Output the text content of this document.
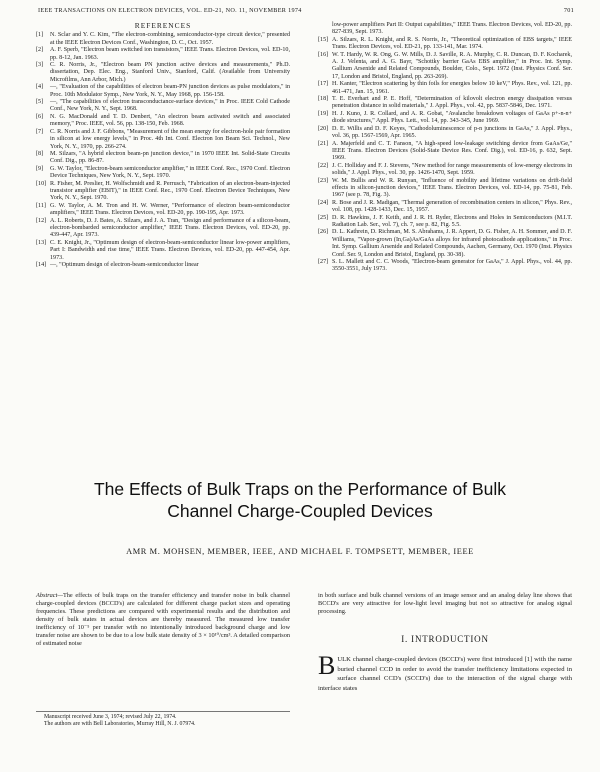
IEEE TRANSACTIONS ON ELECTRON DEVICES, VOL. ED-21, NO. 11, NOVEMBER 1974	701
REFERENCES
[1]	N. Sclar and Y. C. Kim, "The electron-combining, semiconductor-type circuit device," presented at the IEEE Electron Devices Conf., Washington, D. C., Oct. 1957.
[2]	A. F. Sperb, "Electron beam switched ion transistors," IEEE Trans. Electron Devices, vol. ED-10, pp. 8-12, Jan. 1963.
[3]	C. R. Norris, Jr., "Electron beam PN junction active devices and measurements," Ph.D. dissertation, Dep. Elec. Eng., Stanford Univ., Stanford, Calif. (Available from University Microfilms, Ann Arbor, Mich.)
[4]	—, "Evaluation of the capabilities of electron beam-PN junction devices as pulse modulators," in Proc. 10th Modulator Symp., New York, N. Y., May 1968, pp. 156-158.
[5]	—, "The capabilities of electron transconductance-surface devices," in Proc. IEEE Cold Cathode Conf., New York, N. Y., Sept. 1968.
[6]	N. G. MacDonald and T. D. Denbert, "An electron beam activated switch and associated memory," Proc. IEEE, vol. 56, pp. 138-150, Feb. 1968.
[7]	C. R. Norris and J. F. Gibbons, "Measurement of the mean energy for electron-hole pair formation in silicon at low energy levels," in Proc. 4th Int. Conf. Electron Ion Beam Sci. Technol., New York, N. Y., 1970, pp. 266-274.
[8]	M. Silzars, "A hybrid electron beam-pn junction device," in 1970 IEEE Int. Solid-State Circuits Conf. Dig., pp. 86-87.
[9]	G. W. Taylor, "Electron-beam semiconductor amplifier," in IEEE Conf. Rec., 1970 Conf. Electron Device Techniques, New York, N. Y., Sept. 1970.
[10] R. Fisher, M. Preslier, H. Wolfschmidt and R. Perrusch, "Fabrication of an electron-beam-injected transistor amplifier (EBIT)," in IEEE Conf. Rec., 1970 Conf. Electron Device Techniques, New York, N. Y., Sept. 1970.
[11] G. W. Taylor, A. M. Tron and H. W. Werner, "Performance of electron beam-semiconductor amplifiers," IEEE Trans. Electron Devices, vol. ED-20, pp. 190-195, Apr. 1973.
[12] A. L. Roberts, D. J. Bates, A. Silzars, and J. A. Tran, "Design and performance of a silicon-beam, electron-bombarded semiconductor amplifier," IEEE Trans. Electron Devices, vol. ED-20, pp. 439-447, Apr. 1973.
[13] C. E. Knight, Jr., "Optimum design of electron-beam-semiconductor linear low-power amplifiers, Part I: Bandwidth and rise time," IEEE Trans. Electron Devices, vol. ED-20, pp. 447-454, Apr. 1973.
[14] —, "Optimum design of electron-beam-semiconductor linear
low-power amplifiers Part II: Output capabilities," IEEE Trans. Electron Devices, vol. ED-20, pp. 827-839, Sept. 1973.
[15] A. Silzars, R. L. Knight, and R. S. Norris, Jr., "Theoretical optimization of EBS targets," IEEE Trans. Electron Devices, vol. ED-21, pp. 133-141, Mar. 1974.
[16] W. T. Hardy, W. R. Ong, G. W. Mills, D. J. Saville, R. A. Murphy, C. R. Duncan, D. F. Kocharek, A. J. Velenta, and A. G. Bayr, "Schottky barrier GaAs EBS amplifier," in Proc. Int. Symp. Gallium Arsenide and Related Compounds, Boulder, Colo., Sept. 1972 (Inst. Physics Conf. Ser. 17, London and Bristol, England, pp. 263-269).
[17] H. Kanter, "Electron scattering by thin foils for energies below 10 keV," Phys. Rev., vol. 121, pp. 461-471, Jan. 15, 1961.
[18] T. E. Everhart and P. E. Hoff, "Determination of kilovolt electron energy dissipation versus penetration distance in solid materials," J. Appl. Phys., vol. 42, pp. 5837-5846, Dec. 1971.
[19] H. J. Kuno, J. R. Collard, and A. R. Gobat, "Avalanche breakdown voltages of GaAs p+-n-n+ diode structures," Appl. Phys. Lett., vol. 14, pp. 343-345, June 1969.
[20] D. E. Willis and D. F. Keyes, "Cathodoluminescence of p-n junctions in GaAs," J. Appl. Phys., vol. 36, pp. 1567-1569, Apr. 1965.
[21] A. Majerfeld and C. T. Fanson, "A high-speed low-leakage switching device from GaAs/Ge," IEEE Trans. Electron Devices (Solid-State Device Res. Conf. Dig.), vol. ED-16, p. 632, Sept. 1969.
[22] J. C. Holliday and F. J. Stevens, "New method for range measurements of low-energy electrons in solids," J. Appl. Phys., vol. 30, pp. 1426-1470, Sept. 1959.
[23] W. M. Bullis and W. R. Runyan, "Influence of mobility and lifetime variations on drift-field effects in silicon-junction devices," IEEE Trans. Electron Devices, vol. ED-14, pp. 75-81, Feb. 1967 (see p. 78, Fig. 3).
[24] R. Bose and J. R. Madigan, "Thermal generation of recombination centers in silicon," Phys. Rev., vol. 108, pp. 1428-1433, Dec. 15, 1957.
[25] D. R. Hawkins, J. F. Keith, and J. R. H. Ryder, Electrons and Holes in Semiconductors (M.I.T. Radiation Lab. Ser., vol. 7), ch. 7, see p. 82, Fig. 5.5.
[26] D. L. Kathrein, D. Richman, M. S. Abrahams, J. R. Appert, D. G. Fisher, A. H. Sommer, and D. F. Williams, "Vapor-grown (In,Ga)As/GaAs alloys for infrared photocathode applications," in Proc. Int. Symp. Gallium Arsenide and Related Compounds, Aachen, Germany, Oct. 1970 (Inst. Physics Conf. Ser. 9, London and Bristol, England, pp. 30-38).
[27] S. L. Mallett and C. C. Woods, "Electron-beam generator for GaAs," J. Appl. Phys., vol. 44, pp. 3550-3551, July 1973.
The Effects of Bulk Traps on the Performance of Bulk
Channel Charge-Coupled Devices
AMR M. MOHSEN, MEMBER, IEEE, AND MICHAEL F. TOMPSETT, MEMBER, IEEE
Abstract—The effects of bulk traps on the transfer efficiency and transfer noise in bulk channel charge-coupled devices (BCCD's) are calculated for different charge packet sizes and operating frequencies. These predictions are compared with experimental results and the distribution and density of bulk states in actual devices are thereby measured. The measured low transfer inefficiency of 10⁻⁵ per transfer with no intentionally introduced background charge and low transfer noise are shown to be due to a low bulk state density of 3 × 10¹⁰/cm³. A detailed comparison of estimated noise

Manuscript received June 3, 1974; revised July 22, 1974.

The authors are with Bell Laboratories, Murray Hill, N. J. 07974.

in both surface and bulk channel versions of an image sensor and an analog delay line shows that BCCD's are very attractive for low-light level imaging but not so attractive for analog signal processing.
I. INTRODUCTION
BULK channel charge-coupled devices (BCCD's) were first introduced [1] with the name buried channel CCD in order to avoid the transfer inefficiency limitations expected in surface channel CCD's (SCCD's) due to the interaction of the signal charge with interface states
